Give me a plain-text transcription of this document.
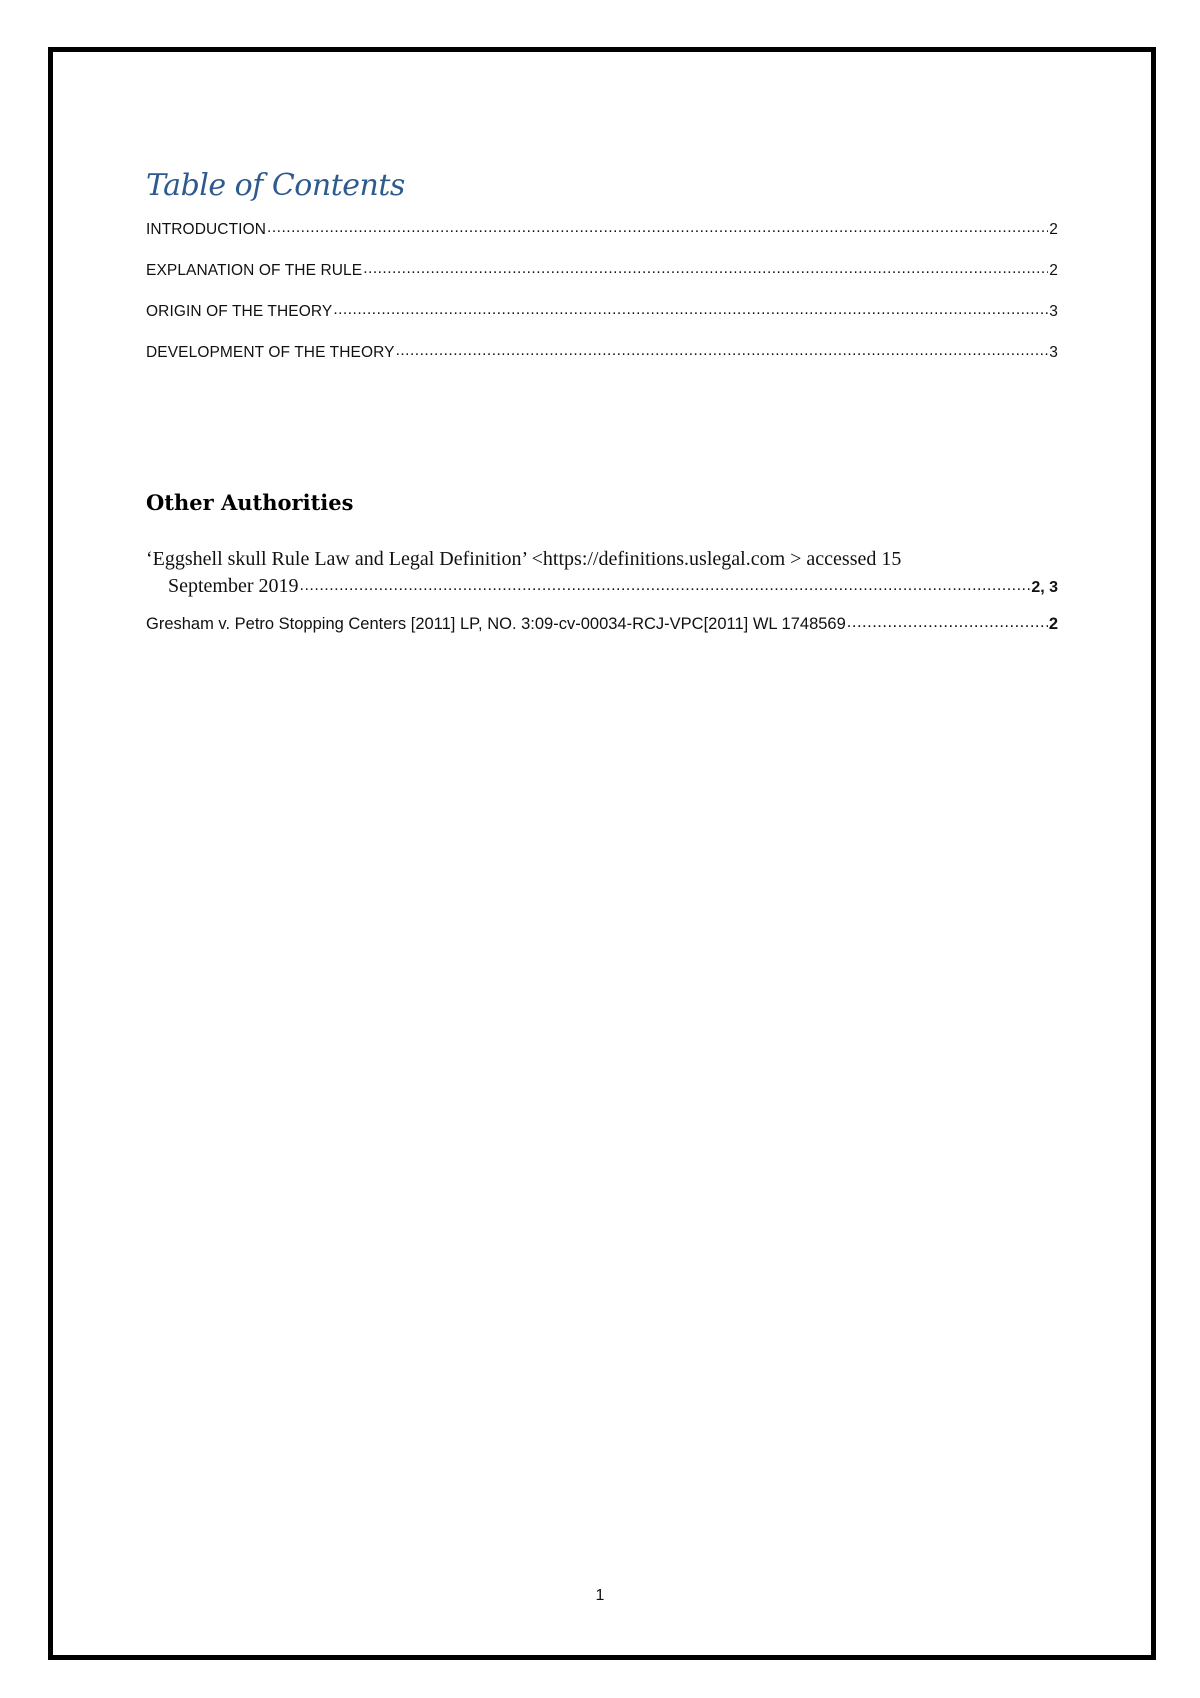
Table of Contents
INTRODUCTION .....	2
EXPLANATION OF THE RULE .....	2
ORIGIN OF THE THEORY .....	3
DEVELOPMENT OF THE THEORY .....	3
Other Authorities
‘Eggshell skull Rule Law and Legal Definition’ <https://definitions.uslegal.com > accessed 15
September 2019 .....	2, 3
Gresham v. Petro Stopping Centers [2011] LP, NO. 3:09-cv-00034-RCJ-VPC[2011] WL 1748569 .....	2
1
